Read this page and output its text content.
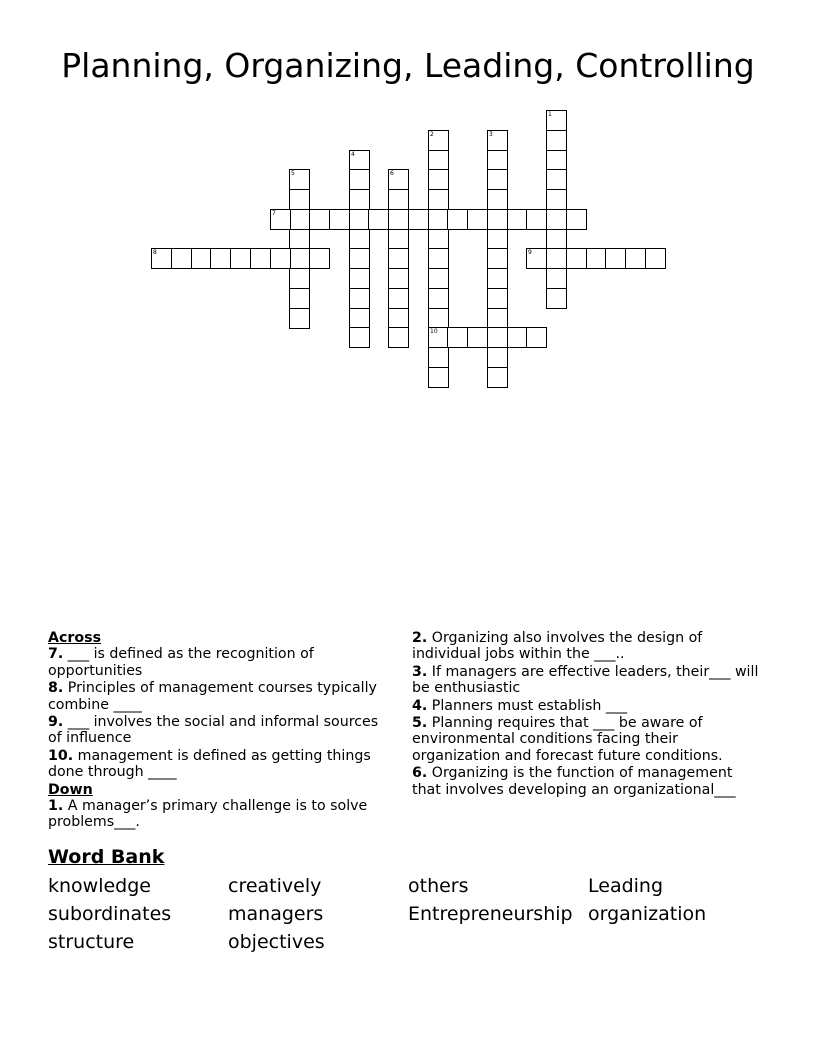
Planning, Organizing, Leading, Controlling
1
2
10
3
4
5	6
7
8	9
Across
7. ___ is defined as the recognition of opportunities
8. Principles of management courses typically combine ____
9. ___ involves the social and informal sources of influence
10. management is defined as getting things done through ____
Down
1. A manager’s primary challenge is to solve problems___.
2. Organizing also involves the design of individual jobs within the ___..
3. If managers are effective leaders, their___ will be enthusiastic
4. Planners must establish ___
5. Planning requires that ___ be aware of environmental conditions facing their organization and forecast future conditions.
6. Organizing is the function of management that involves developing an organizational___
Word Bank
knowledge	creatively	others	Leading
subordinates	managers	Entrepreneurship organization
structure	objectives
